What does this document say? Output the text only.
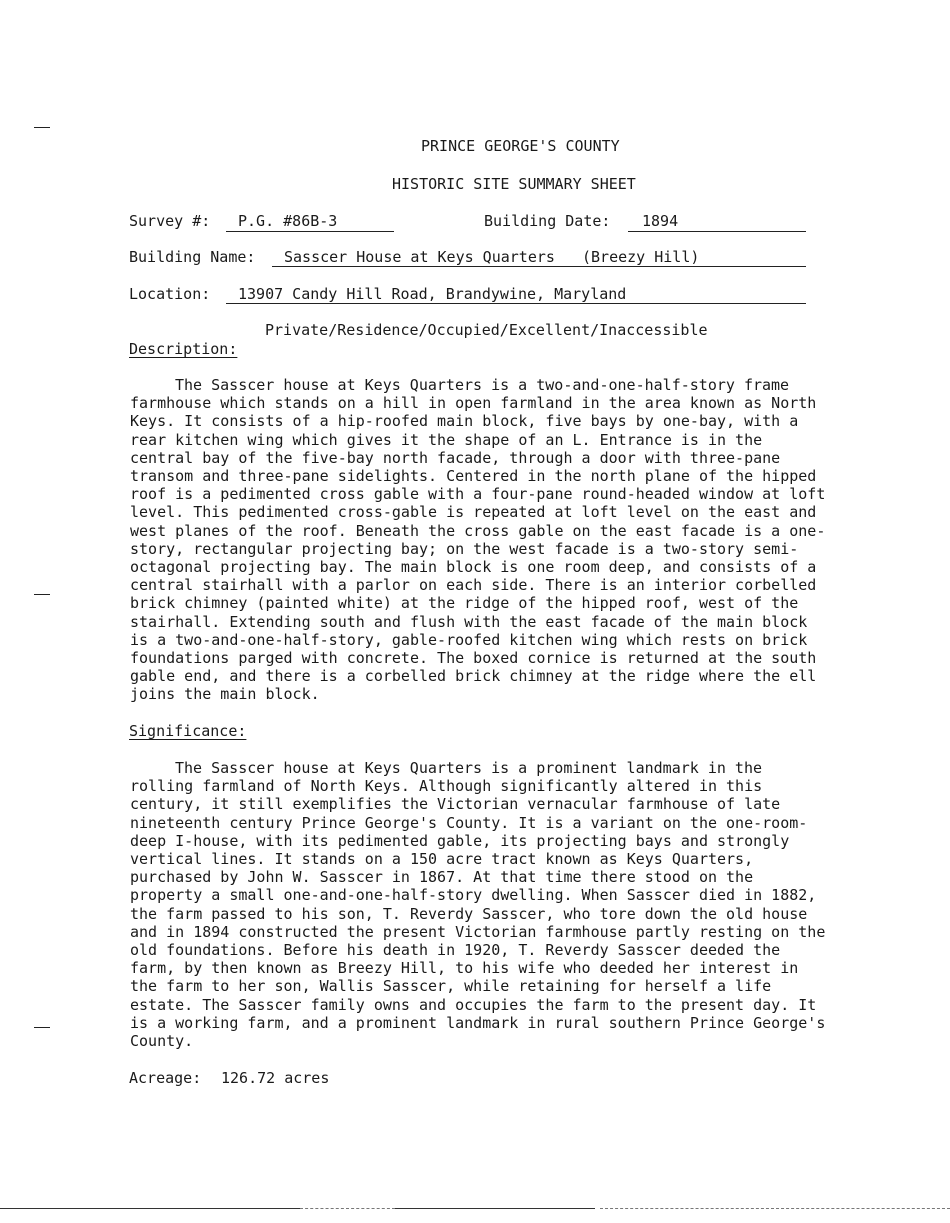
PRINCE GEORGE'S COUNTY
HISTORIC SITE SUMMARY SHEET
Survey #: P.G. #86B-3	Building Date: 1894
Building Name: Sasscer House at Keys Quarters (Breezy Hill)
Location: 13907 Candy Hill Road, Brandywine, Maryland
Private/Residence/Occupied/Excellent/Inaccessible
Description:
The Sasscer house at Keys Quarters is a two-and-one-half-story frame farmhouse which stands on a hill in open farmland in the area known as North Keys. It consists of a hip-roofed main block, five bays by one-bay, with a rear kitchen wing which gives it the shape of an L. Entrance is in the central bay of the five-bay north facade, through a door with three-pane transom and three-pane sidelights. Centered in the north plane of the hipped roof is a pedimented cross gable with a four-pane round-headed window at loft level. This pedimented cross-gable is repeated at loft level on the east and west planes of the roof. Beneath the cross gable on the east facade is a one-story, rectangular projecting bay; on the west facade is a two-story semi-octagonal projecting bay. The main block is one room deep, and consists of a central stairhall with a parlor on each side. There is an interior corbelled brick chimney (painted white) at the ridge of the hipped roof, west of the stairhall. Extending south and flush with the east facade of the main block is a two-and-one-half-story, gable-roofed kitchen wing which rests on brick foundations parged with concrete. The boxed cornice is returned at the south gable end, and there is a corbelled brick chimney at the ridge where the ell joins the main block.
Significance:
The Sasscer house at Keys Quarters is a prominent landmark in the rolling farmland of North Keys. Although significantly altered in this century, it still exemplifies the Victorian vernacular farmhouse of late nineteenth century Prince George's County. It is a variant on the one-room-deep I-house, with its pedimented gable, its projecting bays and strongly vertical lines. It stands on a 150 acre tract known as Keys Quarters, purchased by John W. Sasscer in 1867. At that time there stood on the property a small one-and-one-half-story dwelling. When Sasscer died in 1882, the farm passed to his son, T. Reverdy Sasscer, who tore down the old house and in 1894 constructed the present Victorian farmhouse partly resting on the old foundations. Before his death in 1920, T. Reverdy Sasscer deeded the farm, by then known as Breezy Hill, to his wife who deeded her interest in the farm to her son, Wallis Sasscer, while retaining for herself a life estate. The Sasscer family owns and occupies the farm to the present day. It is a working farm, and a prominent landmark in rural southern Prince George's County.
Acreage: 126.72 acres
